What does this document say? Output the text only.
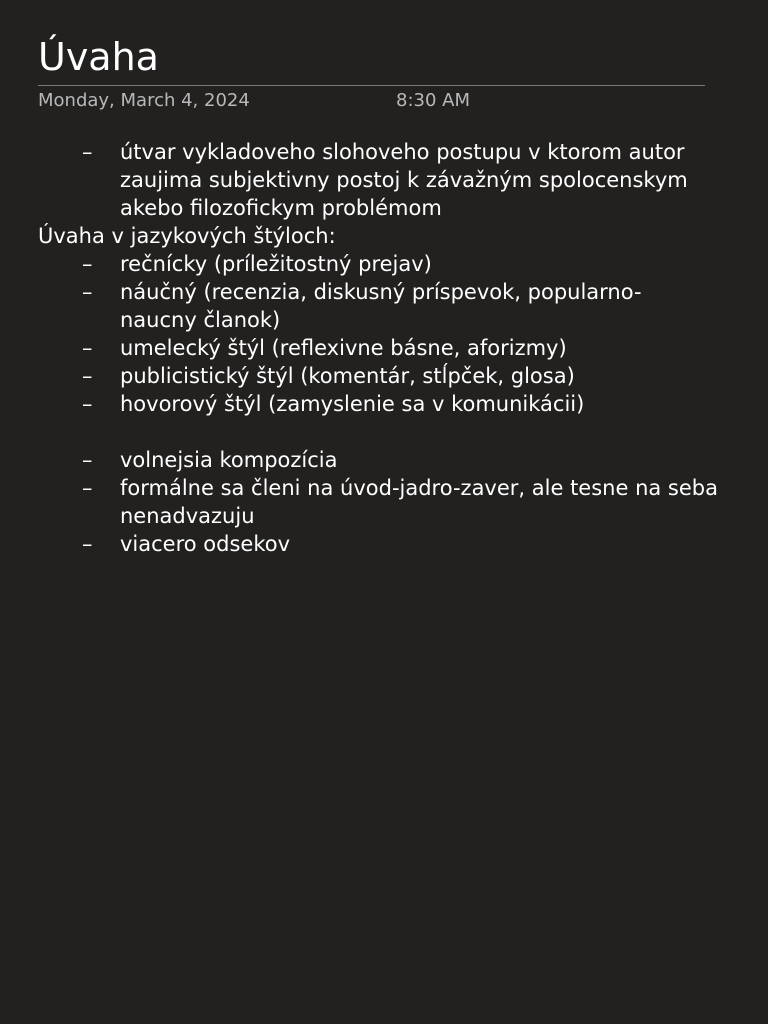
Úvaha
Monday, March 4, 2024	8:30 AM
–	útvar vykladoveho slohoveho postupu v ktorom autor zaujima subjektivny postoj k závažným spolocenskym akebo filozofickym problémom

Úvaha v jazykových štýloch:

–	rečnícky (príležitostný prejav)
–	náučný (recenzia, diskusný príspevok, popularno-naucny članok)
–	umelecký štýl (reflexivne básne, aforizmy)
–	publicistický štýl (komentár, stĺpček, glosa)
–	hovorový štýl (zamyslenie sa v komunikácii)
–	volnejsia kompozícia
–	formálne sa členi na úvod-jadro-zaver, ale tesne na seba nenadvazuju
–	viacero odsekov
